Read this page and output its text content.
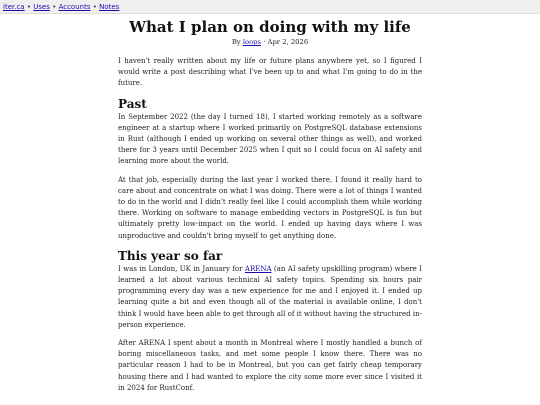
iter.ca • Uses • Accounts • Notes
What I plan on doing with my life
By loops · Apr 2, 2026

I haven't really written about my life or future plans anywhere yet, so I figured I would write a post describing what I've been up to and what I'm going to do in the future.

Past

In September 2022 (the day I turned 18), I started working remotely as a software engineer at a startup where I worked primarily on PostgreSQL database extensions in Rust (although I ended up working on several other things as well), and worked there for 3 years until December 2025 when I quit so I could focus on AI safety and learning more about the world.

At that job, especially during the last year I worked there, I found it really hard to care about and concentrate on what I was doing. There were a lot of things I wanted to do in the world and I didn't really feel like I could accomplish them while working there. Working on software to manage embedding vectors in PostgreSQL is fun but ultimately pretty low-impact on the world. I ended up having days where I was unproductive and couldn't bring myself to get anything done.

This year so far

I was in London, UK in January for ARENA (an AI safety upskilling program) where I learned a lot about various technical AI safety topics. Spending six hours pair programming every day was a new experience for me and I enjoyed it. I ended up learning quite a bit and even though all of the material is available online, I don't think I would have been able to get through all of it without having the structured in-person experience.

After ARENA I spent about a month in Montreal where I mostly handled a bunch of boring miscellaneous tasks, and met some people I know there. There was no particular reason I had to be in Montreal, but you can get fairly cheap temporary housing there and I had wanted to explore the city some more ever since I visited it in 2024 for RustConf.
